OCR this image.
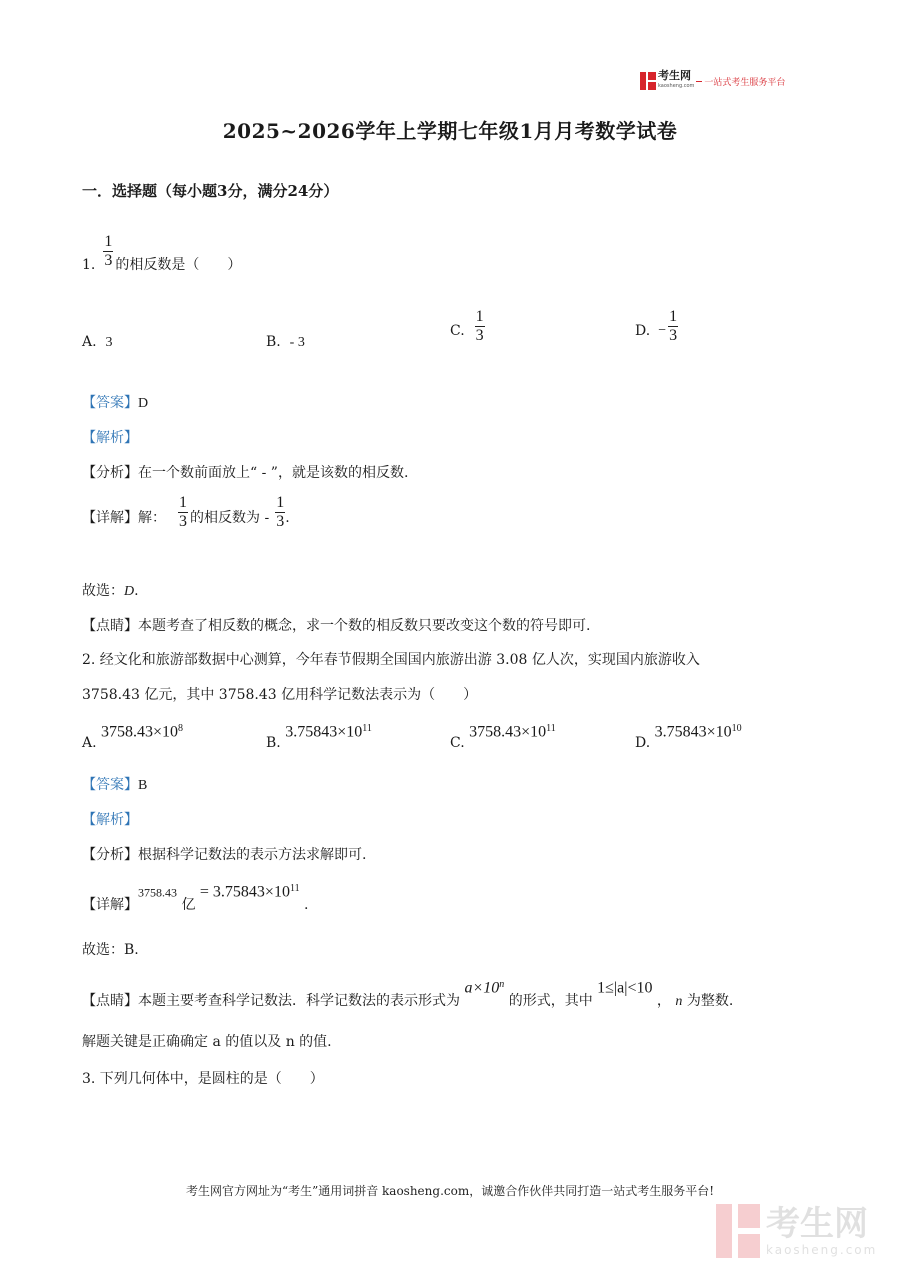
考生网
kaosheng.com 一站式考生服务平台
2025~2026学年上学期七年级1月月考数学试卷
一．选择题（每小题3分，满分24分）
1. $\frac{1}{3}$ 的相反数是（　　）
A. 3	B. - 3
C. $\frac{1}{3}$	D. − $\frac{1}{3}$
【答案】D
【解析】
【分析】在一个数前面放上“ - ”，就是该数的相反数.
【详解】 解： $\frac{1}{3}$ 的相反数为 - $\frac{1}{3}$ .
故选：D.
【点睛】本题考查了相反数的概念，求一个数的相反数只要改变这个数的符号即可.
2. 经文化和旅游部数据中心测算，今年春节假期全国国内旅游出游 3.08 亿人次，实现国内旅游收入
3758.43 亿元，其中 3758.43 亿用科学记数法表示为（　　）
A. $3758.43\times 10^8$
B. $3.75843\times 10^{11}$
C. $3758.43\times 10^{11}$
D. $3.75843\times 10^{10}$
【答案】B
【解析】
【分析】根据科学记数法的表示方法求解即可.
【详解】3758.43 亿 = $3.75843\times 10^{11}$ .
故选：B.
【点睛】本题主要考查科学记数法．科学记数法的表示形式为 $a\times 10^n$ 的形式，其中 1≤|a|<10 ， n 为整数.
解题关键是正确确定 a 的值以及 n 的值.
3. 下列几何体中，是圆柱的是（　　）
考生网官方网址为“考生”通用词拼音 kaosheng.com，诚邀合作伙伴共同打造一站式考生服务平台!
考生网
kaosheng.com
